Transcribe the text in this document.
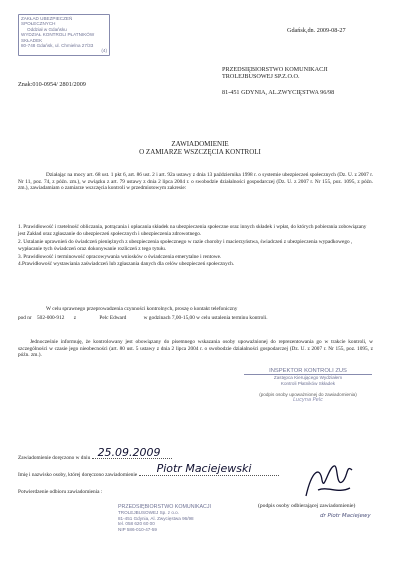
ZAKŁAD UBEZPIECZEŃ SPOŁECZNYCH
Oddział w Gdańsku
WYDZIAŁ KONTROLI PŁATNIKÓW SKŁADEK
80-748 Gdańsk, ul. Chmielna 27/33
(4)
Gdańsk,dn. 2009-08-27
Znak:010-0954/ 2801/2009
PRZEDSIĘBIORSTWO KOMUNIKACJI
TROLEJBUSOWEJ SP.Z.O.O.
81-451 GDYNIA, AL.ZWYCIĘSTWA 96/98
ZAWIADOMIENIE
O ZAMIARZE WSZCZĘCIA KONTROLI
Działając na mocy art. 68 ust. 1 pkt 6, art. 86 ust. 2 i art. 92a ustawy z dnia 13 października 1998 r. o systemie ubezpieczeń społecznych (Dz. U. z 2007 r. Nr 11, poz. 74, z późn. zm.), w związku z art. 79 ustawy z dnia 2 lipca 2004 r. o swobodzie działalności gospodarczej (Dz. U. z 2007 r. Nr 155, poz. 1095, z późn. zm.), zawiadamiam o zamiarze wszczęcia kontroli w przedmiotowym zakresie:
1. Prawidłowość i rzetelność obliczania, potrącania i opłacania składek na ubezpieczenia społeczne oraz innych składek i wpłat, do których pobierania zobowiązany jest Zakład oraz zgłaszanie do ubezpieczeń społecznych i ubezpieczenia zdrowotnego.
2. Ustalanie uprawnień do świadczeń pieniężnych z ubezpieczenia społecznego w razie choroby i macierzyństwa, świadczeń z ubezpieczenia wypadkowego , wypłacanie tych świadczeń oraz dokonywanie rozliczeń z tego tytułu.
3. Prawidłowość i terminowość opracowywania wniosków o świadczenia emerytalne i rentowe.
4.Prawidłowość wystawiania zaświadczeń lub zgłaszania danych dla celów ubezpieczeń społecznych.
W celu sprawnego przeprowadzenia czynności kontrolnych, proszę o kontakt telefoniczny
pod nr 502-000-912 z	Pelc Edward	w godzinach 7,00-15,00 w celu ustalenia terminu kontroli.
Jednocześnie informuję, że kontrolowany jest obowiązany do pisemnego wskazania osoby upoważnionej do reprezentowania go w trakcie kontroli, w szczególności w czasie jego nieobecności (art. 80 ust. 5 ustawy z dnia 2 lipca 2004 r. o swobodzie działalności gospodarczej (Dz. U. z 2007 r. Nr 155, poz. 1095, z późn. zm.).
INSPEKTOR KONTROLI ZUS
Zastępca Kierującego Wydziałem
Kontroli Płatników Składek
(podpis osoby upoważnionej do zawiadomienia)
Lucyna Pelc
Zawiadomienie doręczono w dniu 25.09.2009
Imię i nazwisko osoby, której doręczono zawiadomienie Piotr Maciejewski
Potwierdzenie odbioru zawiadomienia :
(podpis osoby odbierającej zawiadomienie)
dr Piotr Maciejewy
PRZEDSIĘBIORSTWO KOMUNIKACJI
TROLEJBUSOWEJ Sp. z o.o.
81-451 Gdynia, Al. Zwycięstwa 96/98
tel. 058 620 60 00
NIP 586-010-47-59
